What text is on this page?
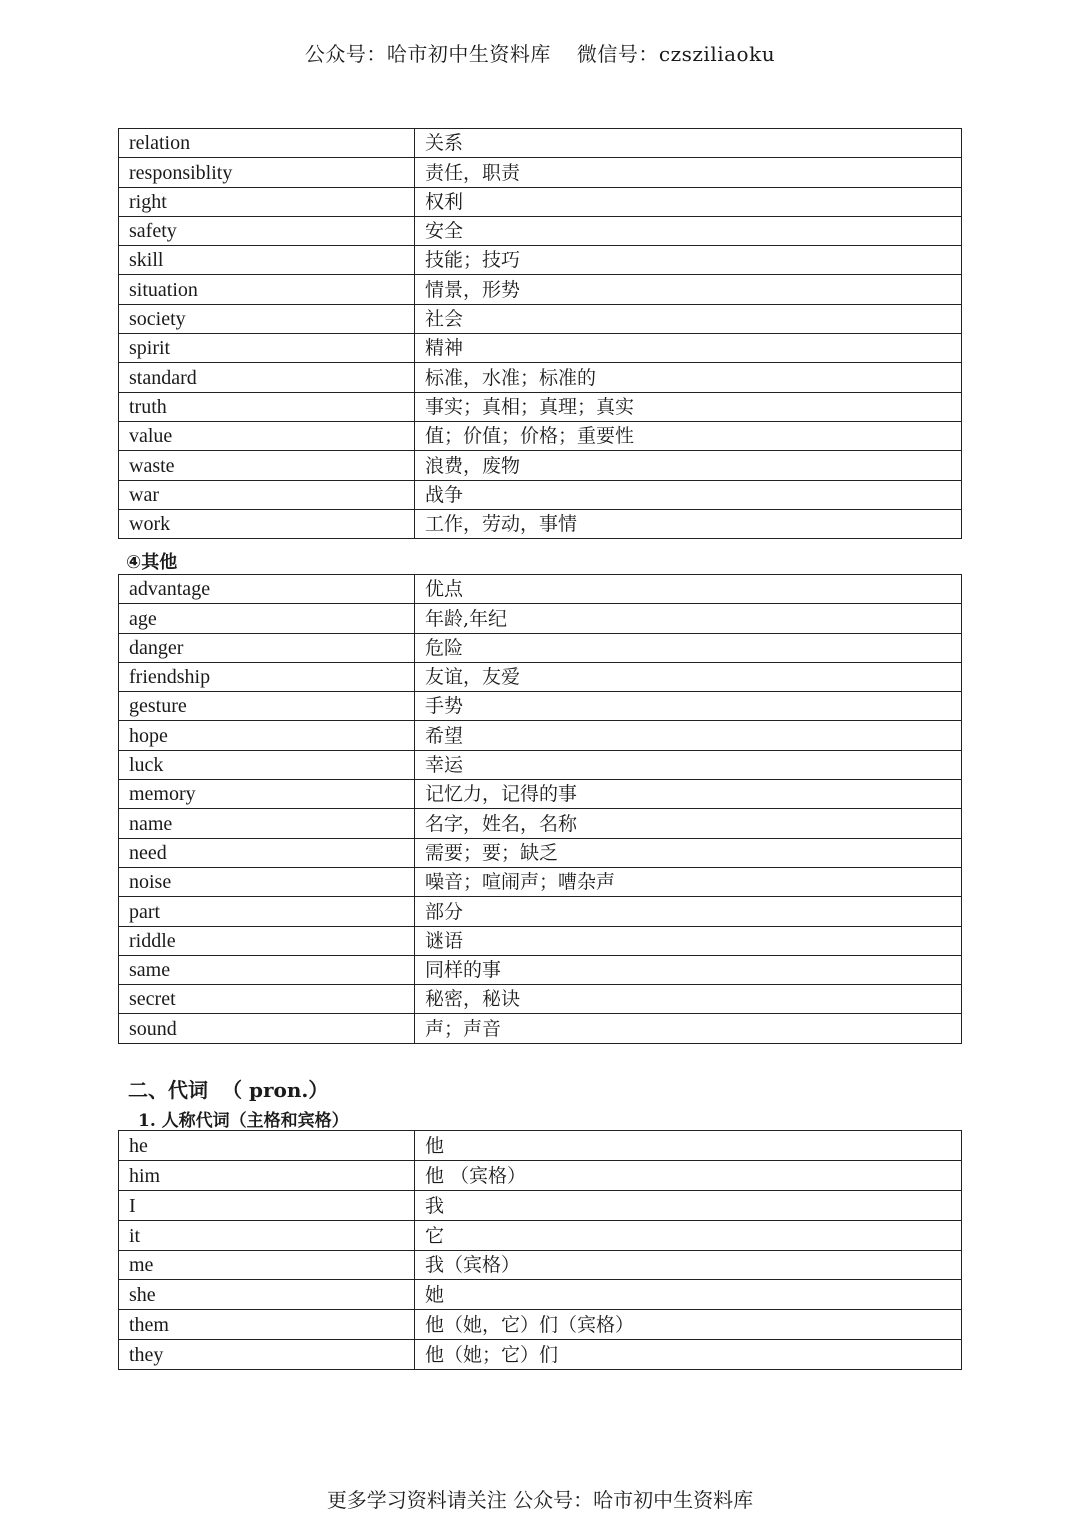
公众号：哈市初中生资料库 微信号：czsziliaoku
relation	关系
responsiblity	责任，职责
right	权利
safety	安全
skill	技能；技巧
situation	情景，形势
society	社会
spirit	精神
standard	标准，水准；标准的
truth	事实；真相；真理；真实
value	值；价值；价格；重要性
waste	浪费，废物
war	战争
work	工作，劳动，事情
④其他
advantage	优点
age	年龄,年纪
danger	危险
friendship	友谊，友爱
gesture	手势
hope	希望
luck	幸运
memory	记忆力，记得的事
name	名字，姓名，名称
need	需要；要；缺乏
noise	噪音；喧闹声；嘈杂声
part	部分
riddle	谜语
same	同样的事
secret	秘密，秘诀
sound	声；声音
二、代词 （ pron.）
1. 人称代词（主格和宾格）
he	他
him	他 （宾格）
I	我
it	它
me	我（宾格）
she	她
them	他（她，它）们（宾格）
they	他（她；它）们
更多学习资料请关注 公众号：哈市初中生资料库
